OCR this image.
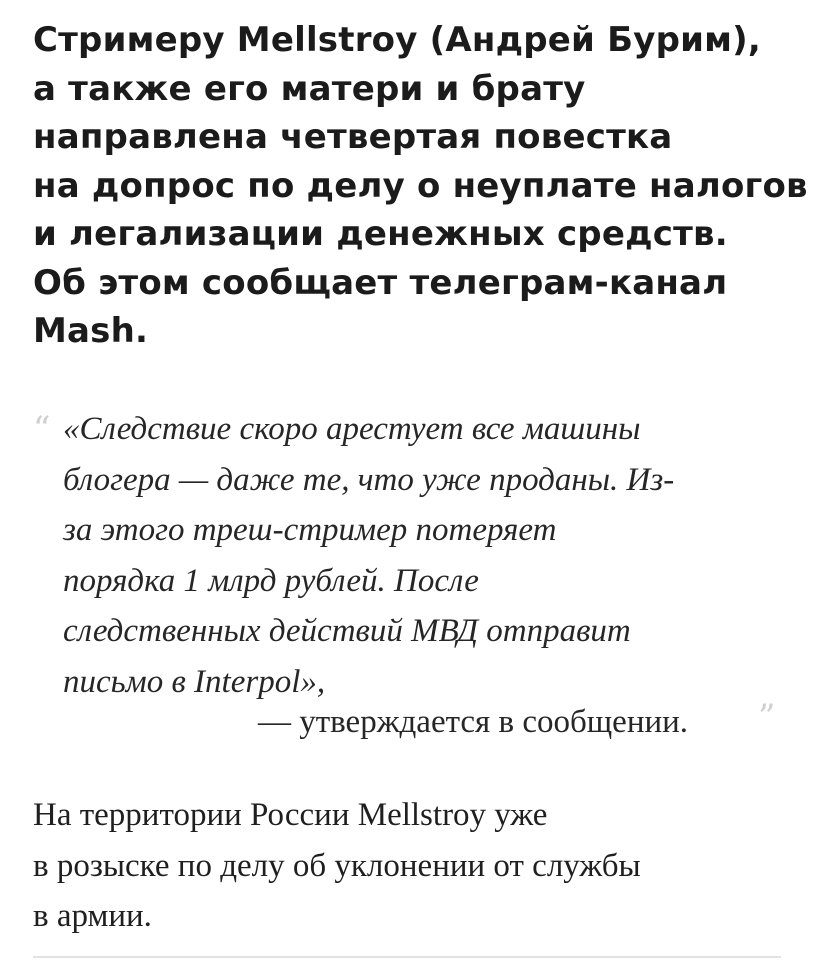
Стримеру Mellstroy (Андрей Бурим),
а также его матери и брату
направлена четвертая повестка
на допрос по делу о неуплате налогов
и легализации денежных средств.
Об этом сообщает телеграм-канал
Mash.

“ «Следствие скоро арестует все машины
блогера — даже те, что уже проданы. Из-
за этого треш-стример потеряет
порядка 1 млрд рублей. После
следственных действий МВД отправит
письмо в Interpol»,

— утверждается в сообщении. ”

На территории России Mellstroy уже
в розыске по делу об уклонении от службы
в армии.
